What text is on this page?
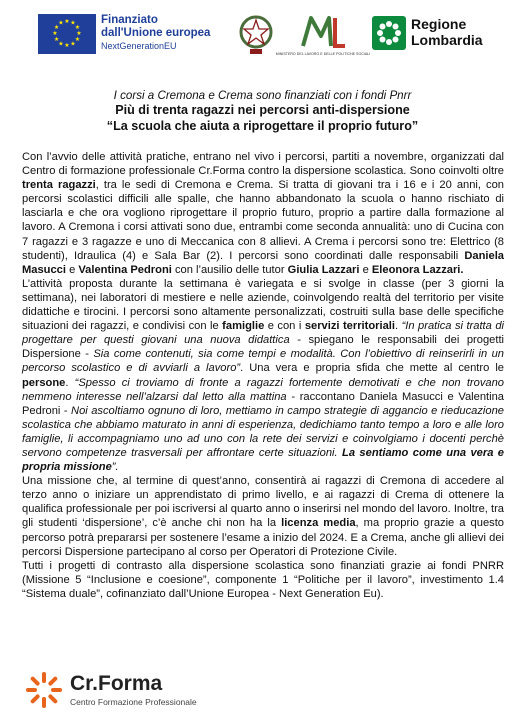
★ ★
★
★
★
★
★
★
★
★
★
★	Finanziato
dall'Unione europea
NextGenerationEU
MINISTERO DEL LAVORO E DELLE POLITICHE SOCIALI
Regione
Lombardia
I corsi a Cremona e Crema sono finanziati con i fondi Pnrr
Più di trenta ragazzi nei percorsi anti-dispersione
“La scuola che aiuta a riprogettare il proprio futuro”

Con l’avvio delle attività pratiche, entrano nel vivo i percorsi, partiti a novembre, organizzati dal Centro di formazione professionale Cr.Forma contro la dispersione scolastica. Sono coinvolti oltre trenta ragazzi, tra le sedi di Cremona e Crema. Si tratta di giovani tra i 16 e i 20 anni, con percorsi scolastici difficili alle spalle, che hanno abbandonato la scuola o hanno rischiato di lasciarla e che ora vogliono riprogettare il proprio futuro, proprio a partire dalla formazione al lavoro. A Cremona i corsi attivati sono due, entrambi come seconda annualità: uno di Cucina con 7 ragazzi e 3 ragazze e uno di Meccanica con 8 allievi. A Crema i percorsi sono tre: Elettrico (8 studenti), Idraulica (4) e Sala Bar (2). I percorsi sono coordinati dalle responsabili Daniela Masucci e Valentina Pedroni con l’ausilio delle tutor Giulia Lazzari e Eleonora Lazzari.

L’attività proposta durante la settimana è variegata e si svolge in classe (per 3 giorni la settimana), nei laboratori di mestiere e nelle aziende, coinvolgendo realtà del territorio per visite didattiche e tirocini. I percorsi sono altamente personalizzati, costruiti sulla base delle specifiche situazioni dei ragazzi, e condivisi con le famiglie e con i servizi territoriali. “In pratica si tratta di progettare per questi giovani una nuova didattica - spiegano le responsabili dei progetti Dispersione - Sia come contenuti, sia come tempi e modalità. Con l’obiettivo di reinserirli in un percorso scolastico e di avviarli a lavoro”. Una vera e propria sfida che mette al centro le persone. “Spesso ci troviamo di fronte a ragazzi fortemente demotivati e che non trovano nemmeno interesse nell’alzarsi dal letto alla mattina - raccontano Daniela Masucci e Valentina Pedroni - Noi ascoltiamo ognuno di loro, mettiamo in campo strategie di aggancio e rieducazione scolastica che abbiamo maturato in anni di esperienza, dedichiamo tanto tempo a loro e alle loro famiglie, li accompagniamo uno ad uno con la rete dei servizi e coinvolgiamo i docenti perchè servono competenze trasversali per affrontare certe situazioni. La sentiamo come una vera e propria missione”.

Una missione che, al termine di quest’anno, consentirà ai ragazzi di Cremona di accedere al terzo anno o iniziare un apprendistato di primo livello, e ai ragazzi di Crema di ottenere la qualifica professionale per poi iscriversi al quarto anno o inserirsi nel mondo del lavoro. Inoltre, tra gli studenti ‘dispersione’, c’è anche chi non ha la licenza media, ma proprio grazie a questo percorso potrà prepararsi per sostenere l’esame a inizio del 2024. E a Crema, anche gli allievi dei percorsi Dispersione partecipano al corso per Operatori di Protezione Civile.

Tutti i progetti di contrasto alla dispersione scolastica sono finanziati grazie ai fondi PNRR (Missione 5 “Inclusione e coesione”, componente 1 “Politiche per il lavoro”, investimento 1.4 “Sistema duale”, cofinanziato dall’Unione Europea - Next Generation Eu).

Cr.Forma
Centro Formazione Professionale
